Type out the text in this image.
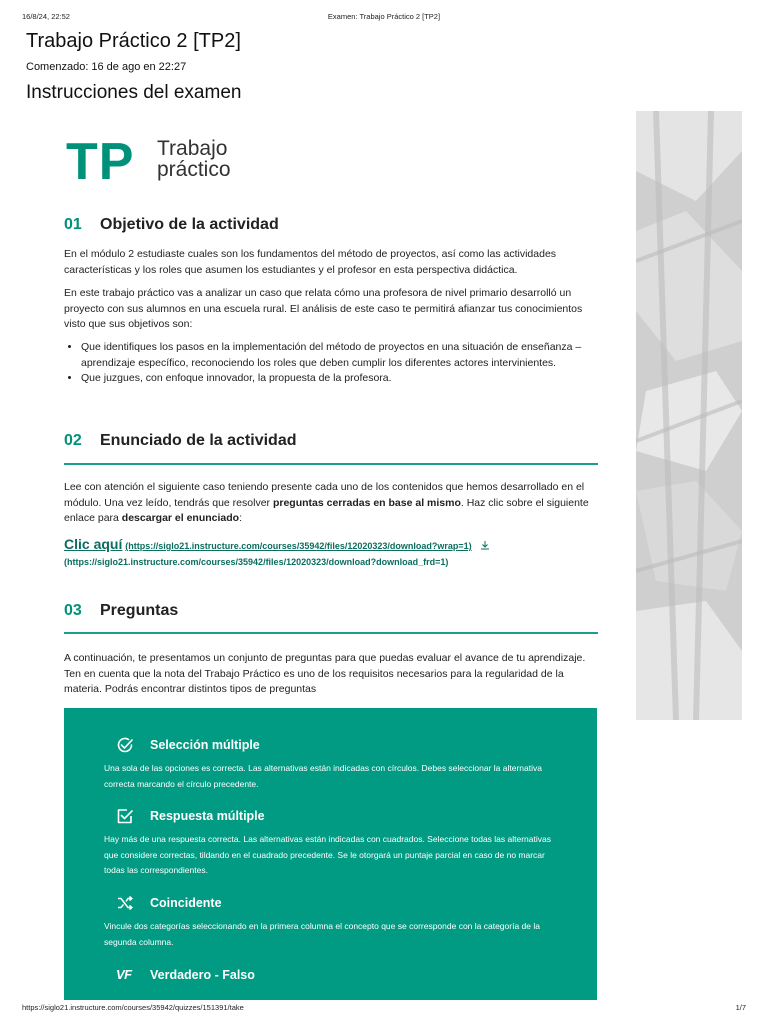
16/8/24, 22:52	Examen: Trabajo Práctico 2 [TP2]
Trabajo Práctico 2 [TP2]
Comenzado: 16 de ago en 22:27
Instrucciones del examen
TP Trabajo
práctico
01 Objetivo de la actividad
En el módulo 2 estudiaste cuales son los fundamentos del método de proyectos, así como las actividades características y los roles que asumen los estudiantes y el profesor en esta perspectiva didáctica.
En este trabajo práctico vas a analizar un caso que relata cómo una profesora de nivel primario desarrolló un proyecto con sus alumnos en una escuela rural. El análisis de este caso te permitirá afianzar tus conocimientos visto que sus objetivos son:
• Que identifiques los pasos en la implementación del método de proyectos en una situación de enseñanza – aprendizaje específico, reconociendo los roles que deben cumplir los diferentes actores intervinientes.
• Que juzgues, con enfoque innovador, la propuesta de la profesora.
02 Enunciado de la actividad
Lee con atención el siguiente caso teniendo presente cada uno de los contenidos que hemos desarrollado en el módulo. Una vez leído, tendrás que resolver preguntas cerradas en base al mismo. Haz clic sobre el siguiente enlace para descargar el enunciado:
Clic aquí (https://siglo21.instructure.com/courses/35942/files/12020323/download?wrap=1)
(https://siglo21.instructure.com/courses/35942/files/12020323/download?download_frd=1)
03 Preguntas
A continuación, te presentamos un conjunto de preguntas para que puedas evaluar el avance de tu aprendizaje. Ten en cuenta que la nota del Trabajo Práctico es uno de los requisitos necesarios para la regularidad de la materia. Podrás encontrar distintos tipos de preguntas
Selección múltiple
Una sola de las opciones es correcta. Las alternativas están indicadas con círculos. Debes seleccionar la alternativa correcta marcando el círculo precedente.
Respuesta múltiple
Hay más de una respuesta correcta. Las alternativas están indicadas con cuadrados. Seleccione todas las alternativas que considere correctas, tildando en el cuadrado precedente. Se le otorgará un puntaje parcial en caso de no marcar todas las correspondientes.
Coincidente
Vincule dos categorías seleccionando en la primera columna el concepto que se corresponde con la categoría de la segunda columna.
VF Verdadero - Falso
https://siglo21.instructure.com/courses/35942/quizzes/151391/take	1/7
